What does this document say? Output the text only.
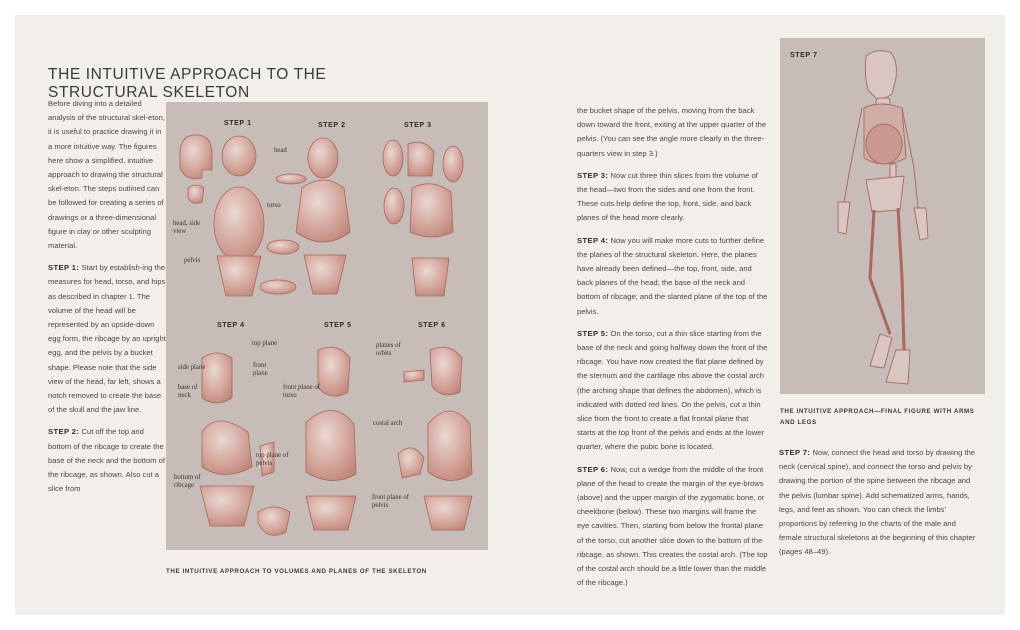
THE INTUITIVE APPROACH TO THE STRUCTURAL SKELETON

Before diving into a detailed analysis of the structural skel-eton, it is useful to practice drawing it in a more intuitive way. The figures here show a simplified, intuitive approach to drawing the structural skel-eton. The steps outlined can be followed for creating a series of drawings or a three-dimensional figure in clay or other sculpting material.

STEP 1: Start by establish-ing the measures for head, torso, and hips as described in chapter 1. The volume of the head will be represented by an upside-down egg form, the ribcage by an upright egg, and the pelvis by a bucket shape. Please note that the side view of the head, far left, shows a notch removed to create the base of the skull and the jaw line.

STEP 2: Cut off the top and bottom of the ribcage to create the base of the neck and the bottom of the ribcage, as shown. Also cut a slice from

STEP 1	STEP 2	STEP 3
STEP 4	STEP 5	STEP 6
head
head, side view
torso
pelvis
top plane
side plane	front plane
base of neck
top plane of pelvis
bottom of ribcage
front plane of torso
costal arch
planes of orbits
front plane of pelvis
THE INTUITIVE APPROACH TO VOLUMES AND PLANES OF THE SKELETON

the bucket shape of the pelvis, moving from the back down toward the front, exiting at the upper quarter of the pelvis. (You can see the angle more clearly in the three-quarters view in step 3.)

STEP 3: Now cut three thin slices from the volume of the head—two from the sides and one from the front. These cuts help define the top, front, side, and back planes of the head more clearly.

STEP 4: Now you will make more cuts to further define the planes of the structural skeleton. Here, the planes have already been defined—the top, front, side, and back planes of the head; the base of the neck and bottom of ribcage; and the slanted plane of the top of the pelvis.

STEP 5: On the torso, cut a thin slice starting from the base of the neck and going halfway down the front of the ribcage. You have now created the flat plane defined by the sternum and the cartilage ribs above the costal arch (the arching shape that defines the abdomen), which is indicated with dotted red lines. On the pelvis, cut a thin slice from the front to create a flat frontal plane that starts at the top front of the pelvis and ends at the lower quarter, where the pubic bone is located.

STEP 6: Now, cut a wedge from the middle of the front plane of the head to create the margin of the eye-brows (above) and the upper margin of the zygomatic bone, or cheekbone (below). These two margins will frame the eye cavities. Then, starting from below the frontal plane of the torso, cut another slice down to the bottom of the ribcage, as shown. This creates the costal arch. (The top of the costal arch should be a little lower than the middle of the ribcage.)

STEP 7
THE INTUITIVE APPROACH—FINAL FIGURE WITH ARMS AND LEGS

STEP 7: Now, connect the head and torso by drawing the neck (cervical spine), and connect the torso and pelvis by drawing the portion of the spine between the ribcage and the pelvis (lumbar spine). Add schematized arms, hands, legs, and feet as shown. You can check the limbs' proportions by referring to the charts of the male and female structural skeletons at the beginning of this chapter (pages 48–49).
